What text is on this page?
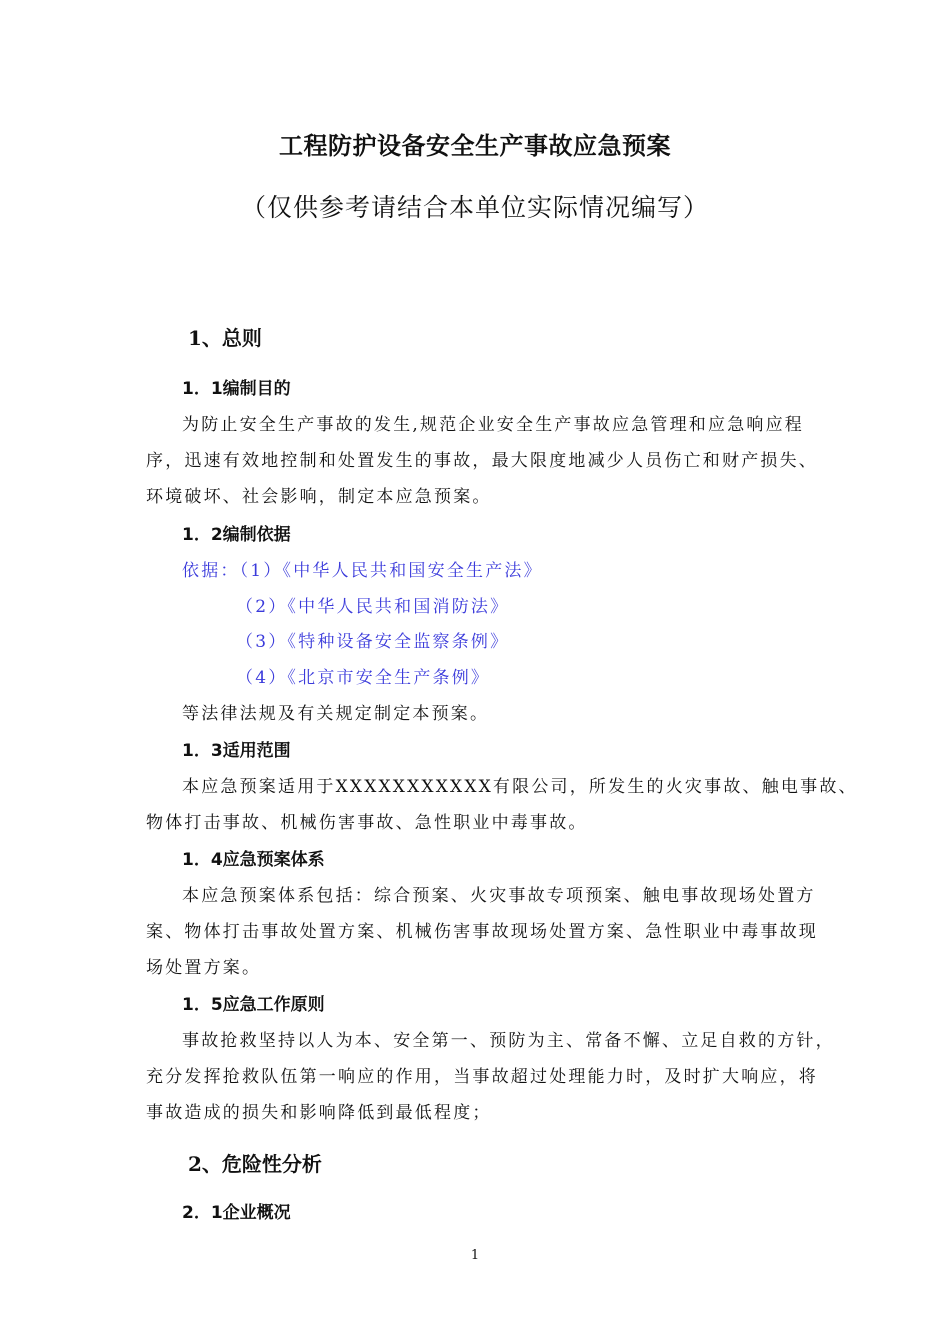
工程防护设备安全生产事故应急预案
（仅供参考请结合本单位实际情况编写）
1、总则
1．1编制目的
为防止安全生产事故的发生,规范企业安全生产事故应急管理和应急响应程
序，迅速有效地控制和处置发生的事故，最大限度地减少人员伤亡和财产损失、
环境破坏、社会影响，制定本应急预案。
1．2编制依据
依据：（1）《中华人民共和国安全生产法》
（2）《中华人民共和国消防法》
（3）《特种设备安全监察条例》
（4）《北京市安全生产条例》
等法律法规及有关规定制定本预案。
1．3适用范围
本应急预案适用于XXXXXXXXXXX有限公司，所发生的火灾事故、触电事故、
物体打击事故、机械伤害事故、急性职业中毒事故。
1．4应急预案体系
本应急预案体系包括：综合预案、火灾事故专项预案、触电事故现场处置方
案、物体打击事故处置方案、机械伤害事故现场处置方案、急性职业中毒事故现
场处置方案。
1．5应急工作原则
事故抢救坚持以人为本、安全第一、预防为主、常备不懈、立足自救的方针，
充分发挥抢救队伍第一响应的作用，当事故超过处理能力时，及时扩大响应，将
事故造成的损失和影响降低到最低程度；
2、危险性分析
2．1企业概况
1
